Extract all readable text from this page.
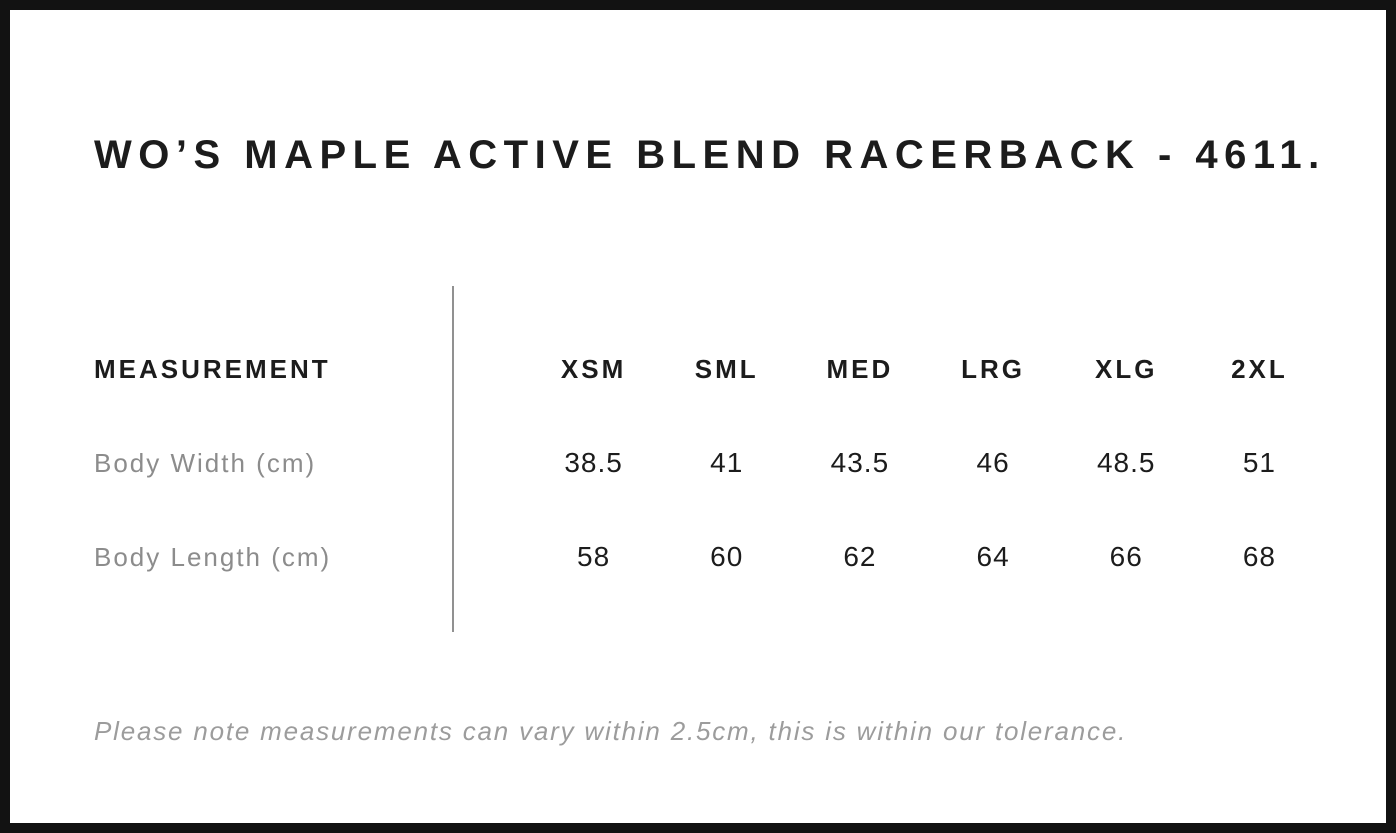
WO’S MAPLE ACTIVE BLEND RACERBACK - 4611.
MEASUREMENT	XSM	SML	MED	LRG	XLG	2XL
Body Width (cm)	38.5	41	43.5	46	48.5	51
Body Length (cm)	58	60	62	64	66	68
Please note measurements can vary within 2.5cm, this is within our tolerance.
